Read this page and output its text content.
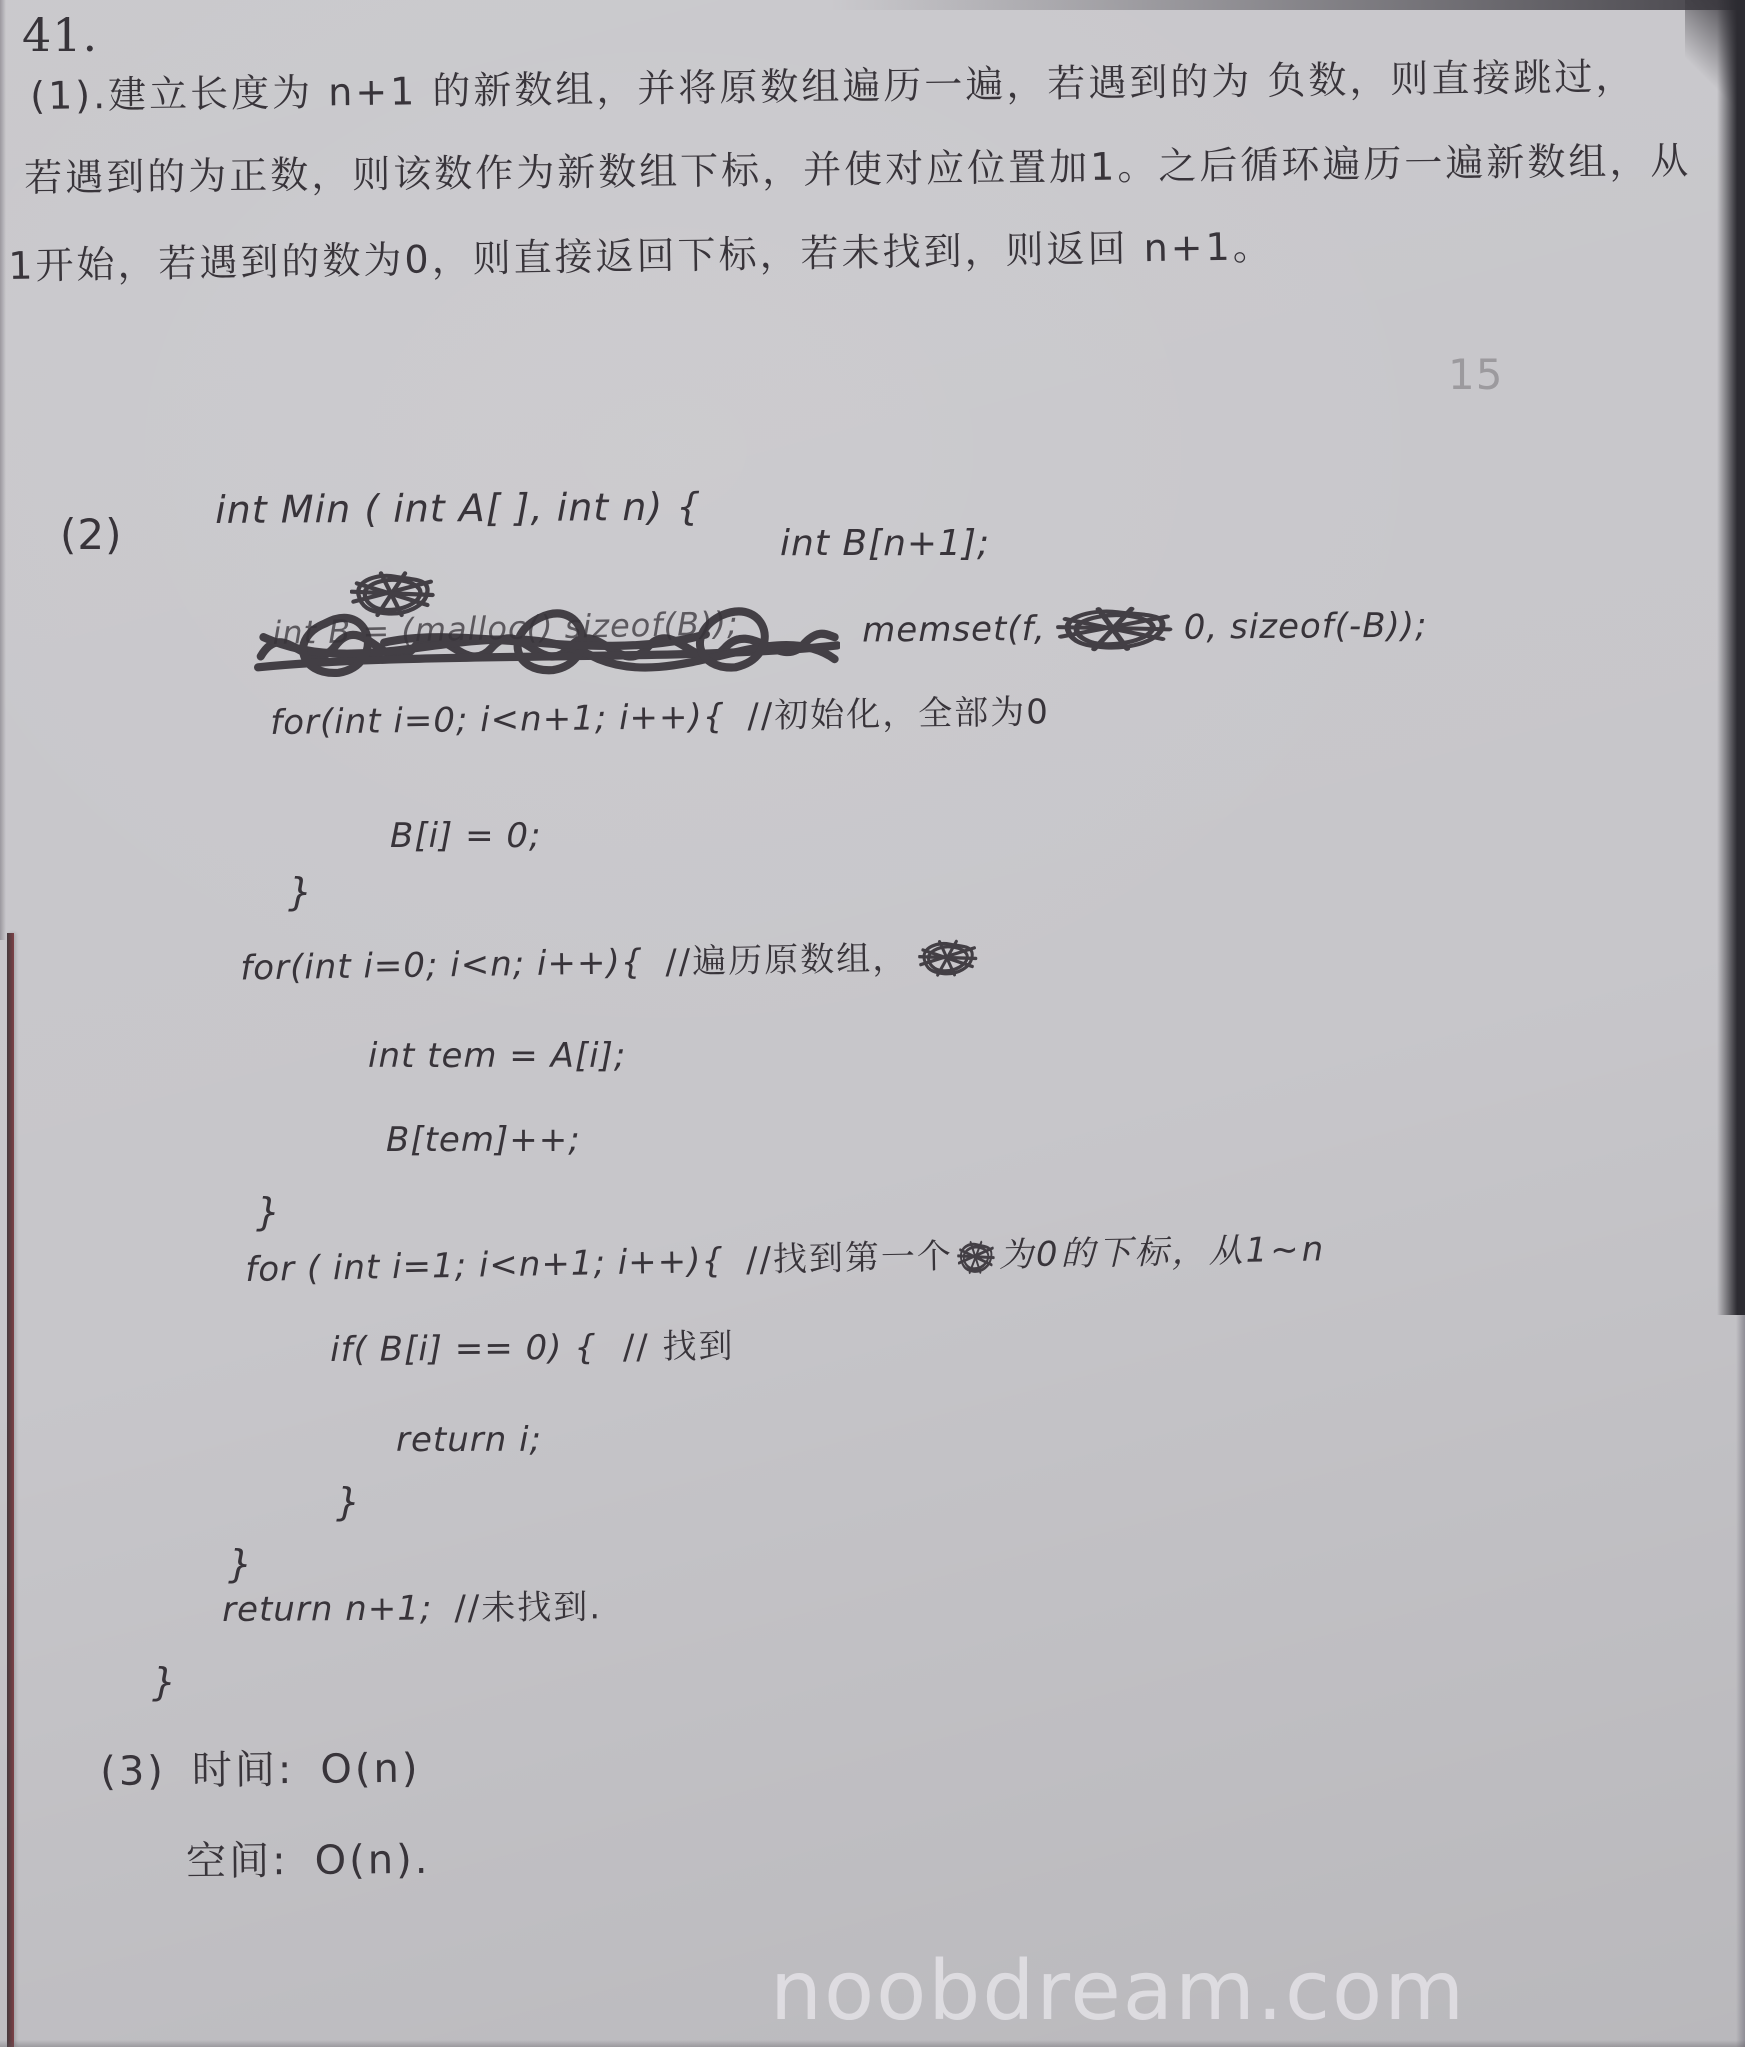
41.
(1).建立长度为 n+1 的新数组，并将原数组遍历一遍，若遇到的为 负数，则直接跳过，
若遇到的为正数，则该数作为新数组下标，并使对应位置加1。之后循环遍历一遍新数组，从
1开始，若遇到的数为0，则直接返回下标，若未找到，则返回 n+1。
15
(2)
int Min ( int A[ ], int n) {
int B[n+1];
int B = (malloc() sizeof(B));	memset(f,	0, sizeof(-B));
for(int i=0; i<n+1; i++){ //初始化，全部为0
B[i] = 0;
}
for(int i=0; i<n; i++){ //遍历原数组，
int tem = A[i];
B[tem]++;
}
for ( int i=1; i<n+1; i++){ //找到第一个 为0的下标，从1~n
if( B[i] == 0) { // 找到
return i;
}
}
return n+1; //未找到.
}
(3) 时间: O(n)
空间: O(n).
noobdream.com
